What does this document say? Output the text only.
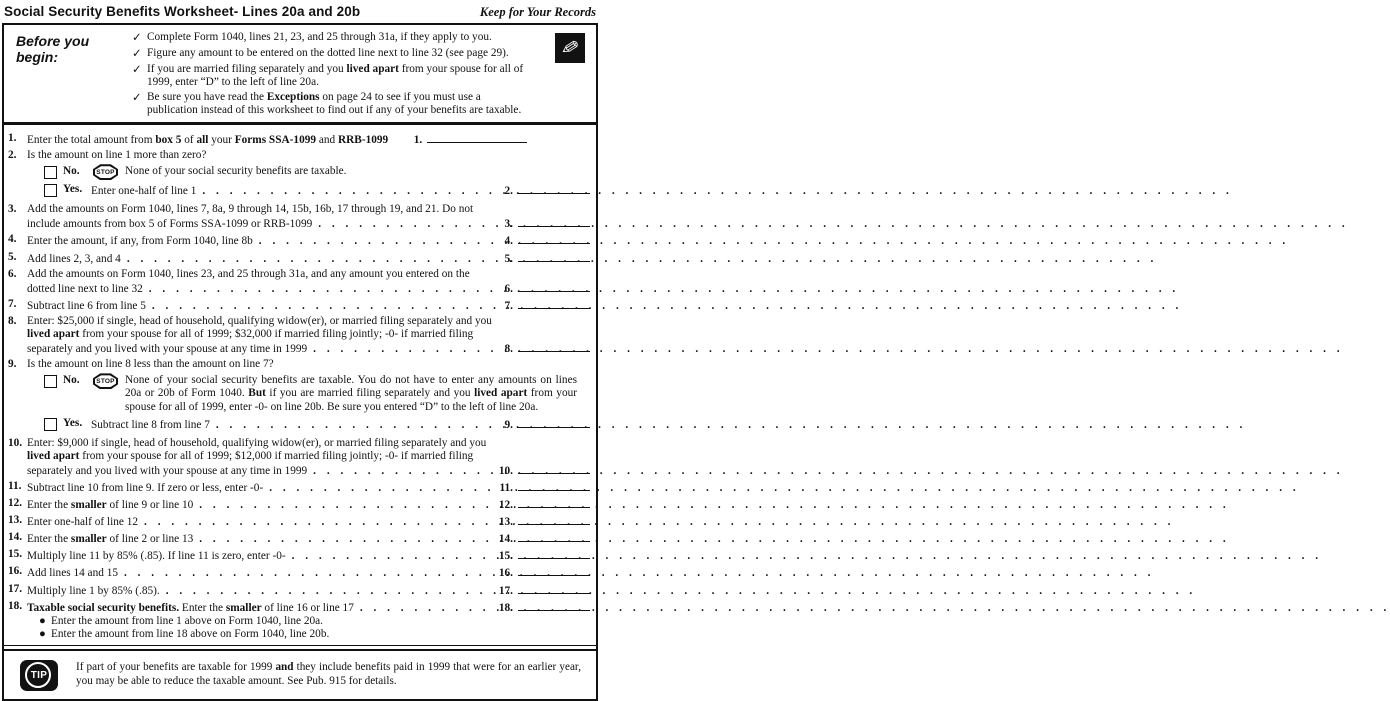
Social Security Benefits Worksheet- Lines 20a and 20b	Keep for Your Records
Before you begin:
✓ Complete Form 1040, lines 21, 23, and 25 through 31a, if they apply to you.
✓ Figure any amount to be entered on the dotted line next to line 32 (see page 29).
✓ If you are married filing separately and you lived apart from your spouse for all of 1999, enter “D” to the left of line 20a.
✓ Be sure you have read the Exceptions on page 24 to see if you must use a publication instead of this worksheet to find out if any of your benefits are taxable.
✎
1. Enter the total amount from box 5 of all your Forms SSA-1099 and RRB-1099	1.
2. Is the amount on line 1 more than zero?
No.	STOP None of your social security benefits are taxable.
Yes. Enter one-half of line 1 . . .	2.
3. Add the amounts on Form 1040, lines 7, 8a, 9 through 14, 15b, 16b, 17 through 19, and 21. Do not
include amounts from box 5 of Forms SSA-1099 or RRB-1099 . . .	3.
4. Enter the amount, if any, from Form 1040, line 8b . . .	4.
5. Add lines 2, 3, and 4 . . .	5.
6. Add the amounts on Form 1040, lines 23, and 25 through 31a, and any amount you entered on the
dotted line next to line 32 . . .	6.
7. Subtract line 6 from line 5 . . .	7.
8. Enter: $25,000 if single, head of household, qualifying widow(er), or married filing separately and you
lived apart from your spouse for all of 1999; $32,000 if married filing jointly; -0- if married filing
separately and you lived with your spouse at any time in 1999 . . .	8.
9. Is the amount on line 8 less than the amount on line 7?
No.	STOP None of your social security benefits are taxable. You do not have to enter any amounts on lines 20a or 20b of Form 1040. But if you are married filing separately and you lived apart from your spouse for all of 1999, enter -0- on line 20b. Be sure you entered “D” to the left of line 20a.
Yes. Subtract line 8 from line 7 . . .	9.
10. Enter: $9,000 if single, head of household, qualifying widow(er), or married filing separately and you
lived apart from your spouse for all of 1999; $12,000 if married filing jointly; -0- if married filing
separately and you lived with your spouse at any time in 1999 . . .	10.
11. Subtract line 10 from line 9. If zero or less, enter -0- . . .	11.
12. Enter the smaller of line 9 or line 10 . . .	12.
13. Enter one-half of line 12 . . .	13.
14. Enter the smaller of line 2 or line 13 . . .	14.
15. Multiply line 11 by 85% (.85). If line 11 is zero, enter -0- . . .	15.
16. Add lines 14 and 15 . . .	16.
17. Multiply line 1 by 85% (.85). . . .	17.
18. Taxable social security benefits. Enter the smaller of line 16 or line 17 . . .	18.
● Enter the amount from line 1 above on Form 1040, line 20a.
● Enter the amount from line 18 above on Form 1040, line 20b.
TIP
If part of your benefits are taxable for 1999 and they include benefits paid in 1999 that were for an earlier year, you may be able to reduce the taxable amount. See Pub. 915 for details.
